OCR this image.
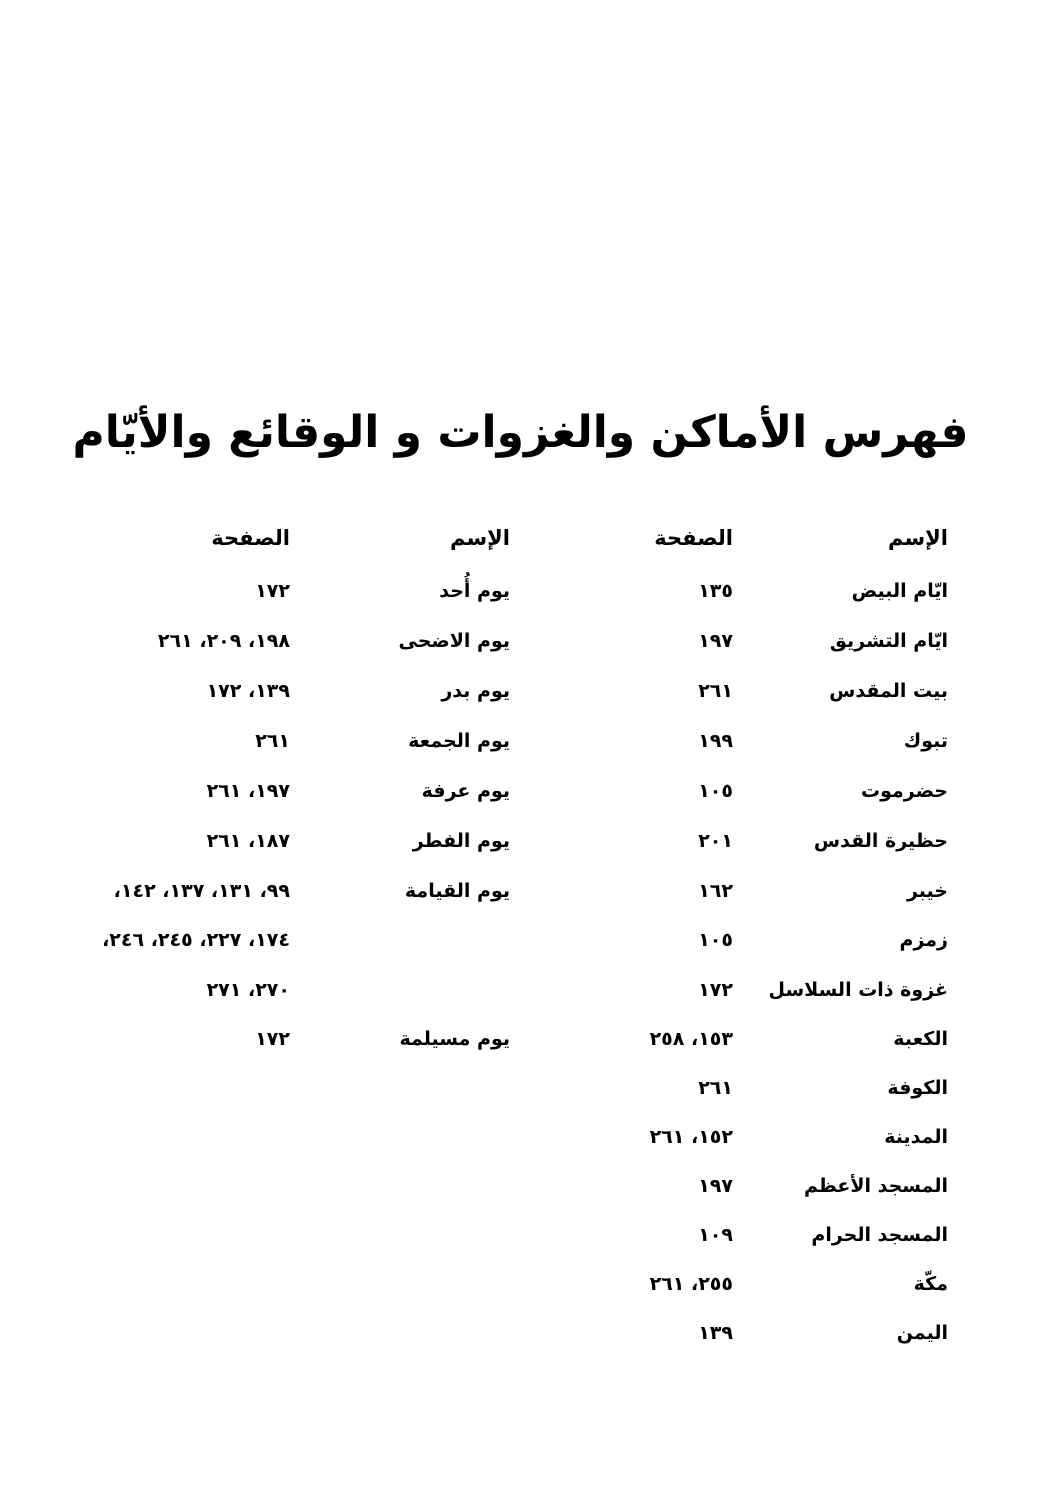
فهرس الأماكن والغزوات و الوقائع والأيّام
الإسم
ايّام البيض
ايّام التشريق
بيت المقدس
تبوك
حضرموت
حظيرة القدس
خيبر
زمزم
غزوة ذات السلاسل
الكعبة
الكوفة
المدينة
المسجد الأعظم
المسجد الحرام
مكّة
اليمن
الصفحة
١٣٥
١٩٧
٢٦١
١٩٩
١٠٥
٢٠١
١٦٢
١٠٥
١٧٢
١٥٣، ٢٥٨
٢٦١
١٥٢، ٢٦١
١٩٧
١٠٩
٢٥٥، ٢٦١
١٣٩
الإسم
يوم أُحد
يوم الاضحى
يوم بدر
يوم الجمعة
يوم عرفة
يوم الفطر
يوم القيامة
يوم مسيلمة
الصفحة
١٧٢
١٩٨، ٢٠٩، ٢٦١
١٣٩، ١٧٢
٢٦١
١٩٧، ٢٦١
١٨٧، ٢٦١
٩٩، ١٣١، ١٣٧، ١٤٢،
١٧٤، ٢٢٧، ٢٤٥، ٢٤٦،
٢٧٠، ٢٧١
١٧٢
